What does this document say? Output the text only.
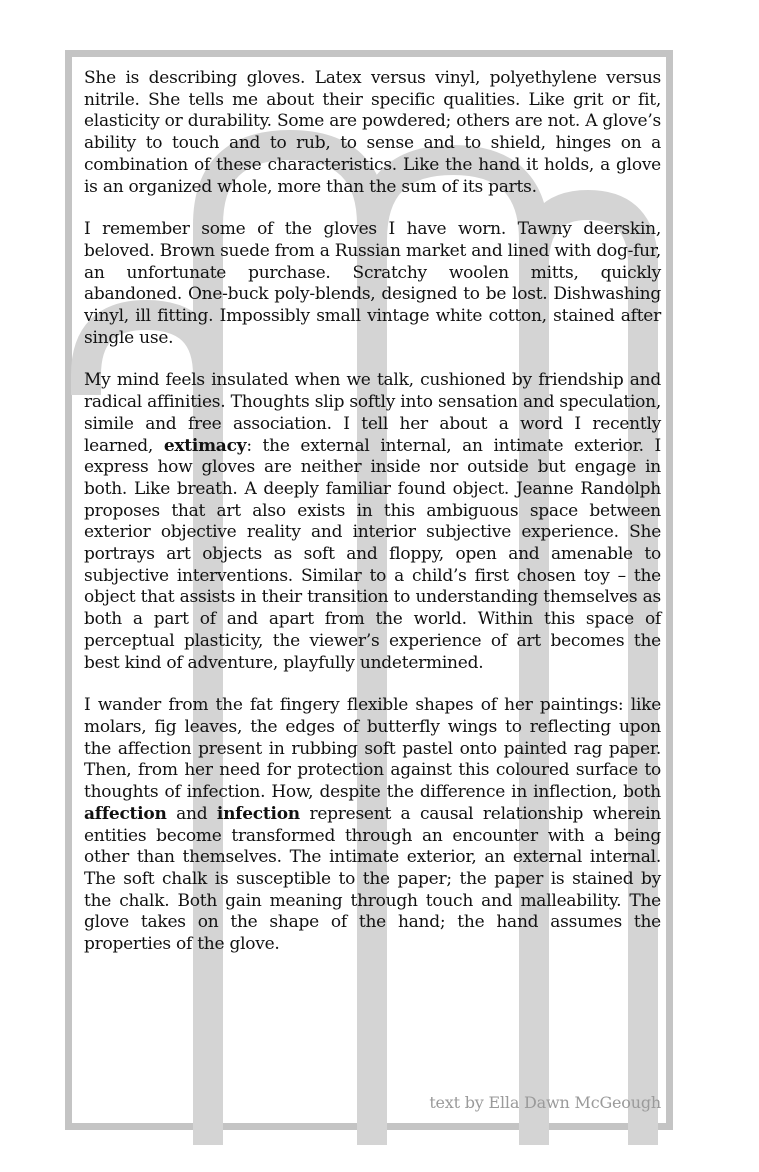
She is describing gloves. Latex versus vinyl, polyethylene versus nitrile. She tells me about their specific qualities. Like grit or fit, elasticity or durability. Some are powdered; others are not. A glove’s ability to touch and to rub, to sense and to shield, hinges on a combination of these characteristics. Like the hand it holds, a glove is an organized whole, more than the sum of its parts.

I remember some of the gloves I have worn. Tawny deerskin, beloved. Brown suede from a Russian market and lined with dog-fur, an unfortunate purchase. Scratchy woolen mitts, quickly abandoned. One-buck poly-blends, designed to be lost. Dishwashing vinyl, ill fitting. Impossibly small vintage white cotton, stained after single use.

My mind feels insulated when we talk, cushioned by friendship and radical affinities. Thoughts slip softly into sensation and speculation, simile and free association. I tell her about a word I recently learned, extimacy: the external internal, an intimate exterior. I express how gloves are neither inside nor outside but engage in both. Like breath. A deeply familiar found object. Jeanne Randolph proposes that art also exists in this ambiguous space between exterior objective reality and interior subjective experience. She portrays art objects as soft and floppy, open and amenable to subjective interventions. Similar to a child’s first chosen toy – the object that assists in their transition to understanding themselves as both a part of and apart from the world. Within this space of perceptual plasticity, the viewer’s experience of art becomes the best kind of adventure, playfully undetermined.

I wander from the fat fingery flexible shapes of her paintings: like molars, fig leaves, the edges of butterfly wings to reflecting upon the affection present in rubbing soft pastel onto painted rag paper. Then, from her need for protection against this coloured surface to thoughts of infection. How, despite the difference in inflection, both affection and infection represent a causal relationship wherein entities become transformed through an encounter with a being other than themselves. The intimate exterior, an external internal. The soft chalk is susceptible to the paper; the paper is stained by the chalk. Both gain meaning through touch and malleability. The glove takes on the shape of the hand; the hand assumes the properties of the glove.

text by Ella Dawn McGeough
